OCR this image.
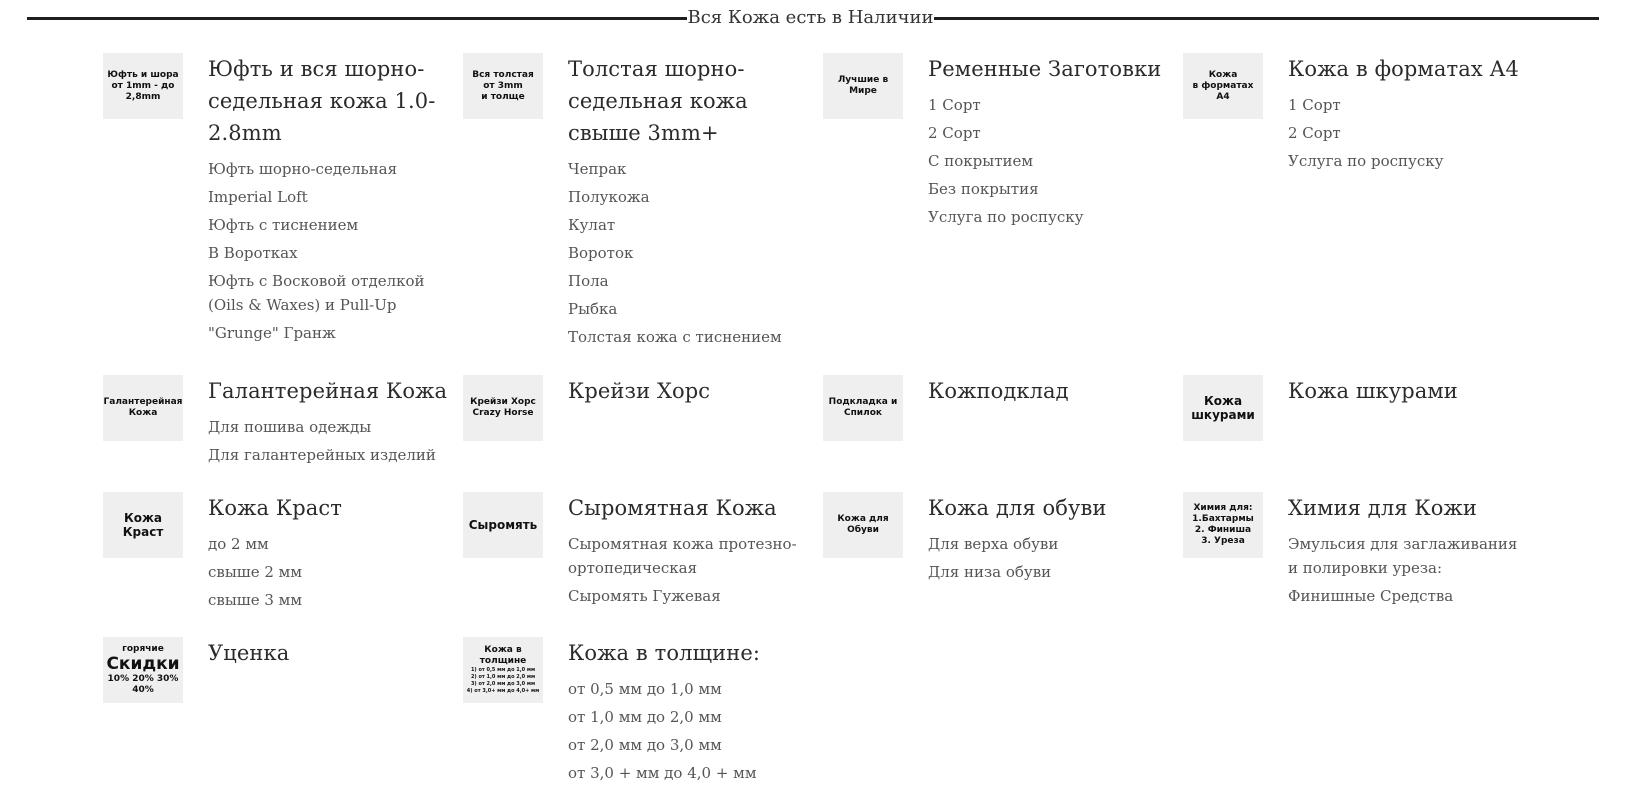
Вся Кожа есть в Наличии
Юфть и шора
от 1mm - до 2,8mm
Юфть и вся шорно-седельная кожа 1.0-2.8mm
Юфть шорно-седельная
Imperial Loft
Юфть с тиснением
В Воротках
Юфть с Восковой отделкой (Oils & Waxes) и Pull-Up
"Grunge" Гранж
Вся толстая от 3mm
и толще
Толстая шорно-седельная кожа свыше 3mm+
Чепрак
Полукожа
Кулат
Вороток
Пола
Рыбка
Толстая кожа с тиснением
Лучшие в Мире
Ременные Заготовки
1 Сорт
2 Сорт
С покрытием
Без покрытия
Услуга по роспуску
Кожа
в форматах
А4
Кожа в форматах А4
1 Сорт
2 Сорт
Услуга по роспуску
Галантерейная
Кожа
Галантерейная Кожа
Для пошива одежды
Для галантерейных изделий
Крейзи Хорс
Crazy Horse
Крейзи Хорс	Подкладка и
Спилок
Кожподклад	Кожа
шкурами
Кожа шкурами
Кожа
Краст
Кожа Краст
до 2 мм
свыше 2 мм
свыше 3 мм
Сыромять
Сыромятная Кожа
Сыромятная кожа протезно-ортопедическая
Сыромять Гужевая
Кожа для
Обуви
Кожа для обуви
Для верха обуви
Для низа обуви
Химия для:
1.Бахтармы
2. Финиша
3. Уреза
Химия для Кожи
Эмульсия для заглаживания и полировки уреза:
Финишные Средства
горячие
Скидки
10% 20% 30% 40%
Уценка	Кожа в толщине
1) от 0,5 мм до 1,0 мм
2) от 1,0 мм до 2,0 мм
3) от 2,0 мм до 3,0 мм
4) от 3,0+ мм до 4,0+ мм
Кожа в толщине:
от 0,5 мм до 1,0 мм
от 1,0 мм до 2,0 мм
от 2,0 мм до 3,0 мм
от 3,0 + мм до 4,0 + мм
